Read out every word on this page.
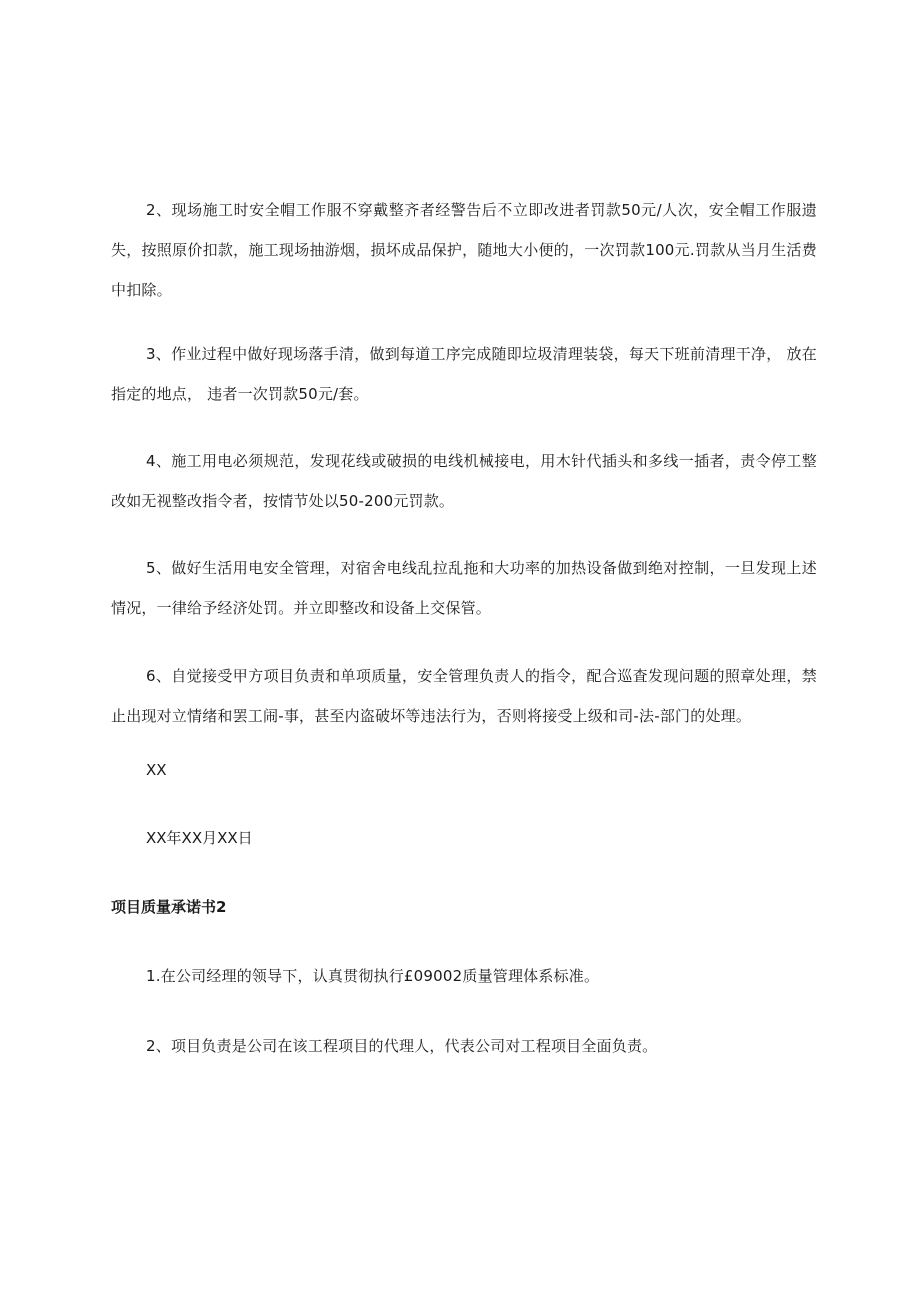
2、现场施工时安全帽工作服不穿戴整齐者经警告后不立即改进者罚款50元/人次，安全帽工作服遗失，按照原价扣款，施工现场抽游烟，损坏成品保护，随地大小便的，一次罚款100元.罚款从当月生活费中扣除。

3、作业过程中做好现场落手清，做到每道工序完成随即垃圾清理装袋，每天下班前清理干净， 放在指定的地点， 违者一次罚款50元/套。

4、施工用电必须规范，发现花线或破损的电线机械接电，用木针代插头和多线一插者，责令停工整改如无视整改指令者，按情节处以50-200元罚款。

5、做好生活用电安全管理，对宿舍电线乱拉乱拖和大功率的加热设备做到绝对控制，一旦发现上述情况，一律给予经济处罚。并立即整改和设备上交保管。

6、自觉接受甲方项目负责和单项质量，安全管理负责人的指令，配合巡査发现问题的照章处理，禁止出现对立情绪和罢工闹-事，甚至内盗破坏等违法行为，否则将接受上级和司-法-部门的处理。

XX

XX年XX月XX日

项目质量承诺书2

1.在公司经理的领导下，认真贯彻执行£09002质量管理体系标准。

2、项目负责是公司在该工程项目的代理人，代表公司对工程项目全面负责。
